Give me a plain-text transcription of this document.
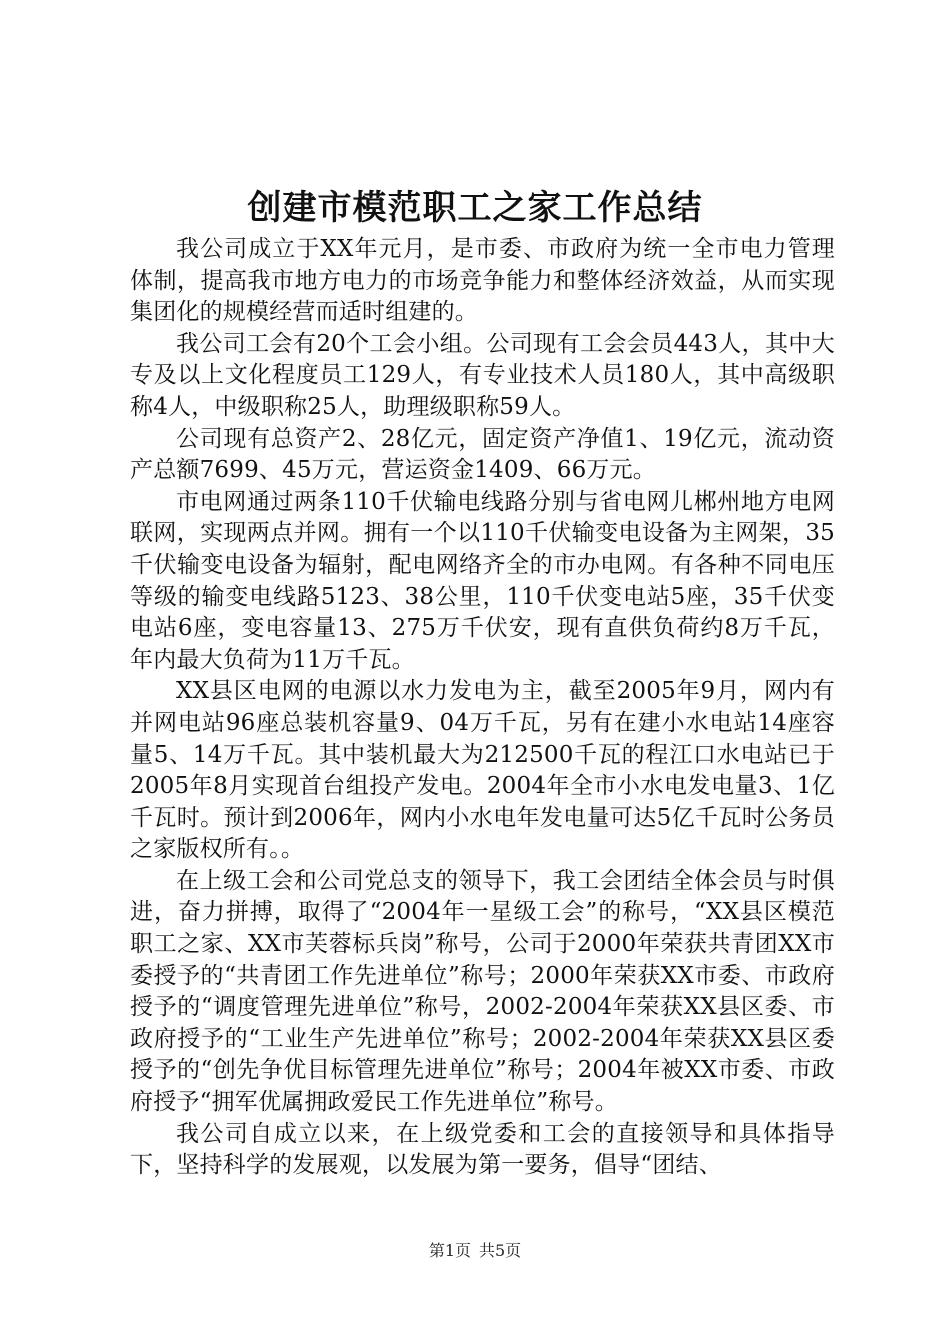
创建市模范职工之家工作总结

我公司成立于XX年元月，是市委、市政府为统一全市电力管理体制，提高我市地方电力的市场竞争能力和整体经济效益，从而实现集团化的规模经营而适时组建的。

我公司工会有20个工会小组。公司现有工会会员443人，其中大专及以上文化程度员工129人，有专业技术人员180人，其中高级职称4人，中级职称25人，助理级职称59人。

公司现有总资产2、28亿元，固定资产净值1、19亿元，流动资产总额7699、45万元，营运资金1409、66万元。

市电网通过两条110千伏输电线路分别与省电网儿郴州地方电网联网，实现两点并网。拥有一个以110千伏输变电设备为主网架，35千伏输变电设备为辐射，配电网络齐全的市办电网。有各种不同电压等级的输变电线路5123、38公里，110千伏变电站5座，35千伏变电站6座，变电容量13、275万千伏安，现有直供负荷约8万千瓦，年内最大负荷为11万千瓦。

XX县区电网的电源以水力发电为主，截至2005年9月，网内有并网电站96座总装机容量9、04万千瓦，另有在建小水电站14座容量5、14万千瓦。其中装机最大为212500千瓦的程江口水电站已于2005年8月实现首台组投产发电。2004年全市小水电发电量3、1亿千瓦时。预计到2006年，网内小水电年发电量可达5亿千瓦时公务员之家版权所有。。

在上级工会和公司党总支的领导下，我工会团结全体会员与时俱进，奋力拼搏，取得了“2004年一星级工会”的称号，“XX县区模范职工之家、XX市芙蓉标兵岗”称号，公司于2000年荣获共青团XX市委授予的“共青团工作先进单位”称号；2000年荣获XX市委、市政府授予的“调度管理先进单位”称号，2002-2004年荣获XX县区委、市政府授予的“工业生产先进单位”称号；2002-2004年荣获XX县区委授予的“创先争优目标管理先进单位”称号；2004年被XX市委、市政府授予“拥军优属拥政爱民工作先进单位”称号。

我公司自成立以来，在上级党委和工会的直接领导和具体指导下，坚持科学的发展观，以发展为第一要务，倡导“团结、

第1页 共5页
